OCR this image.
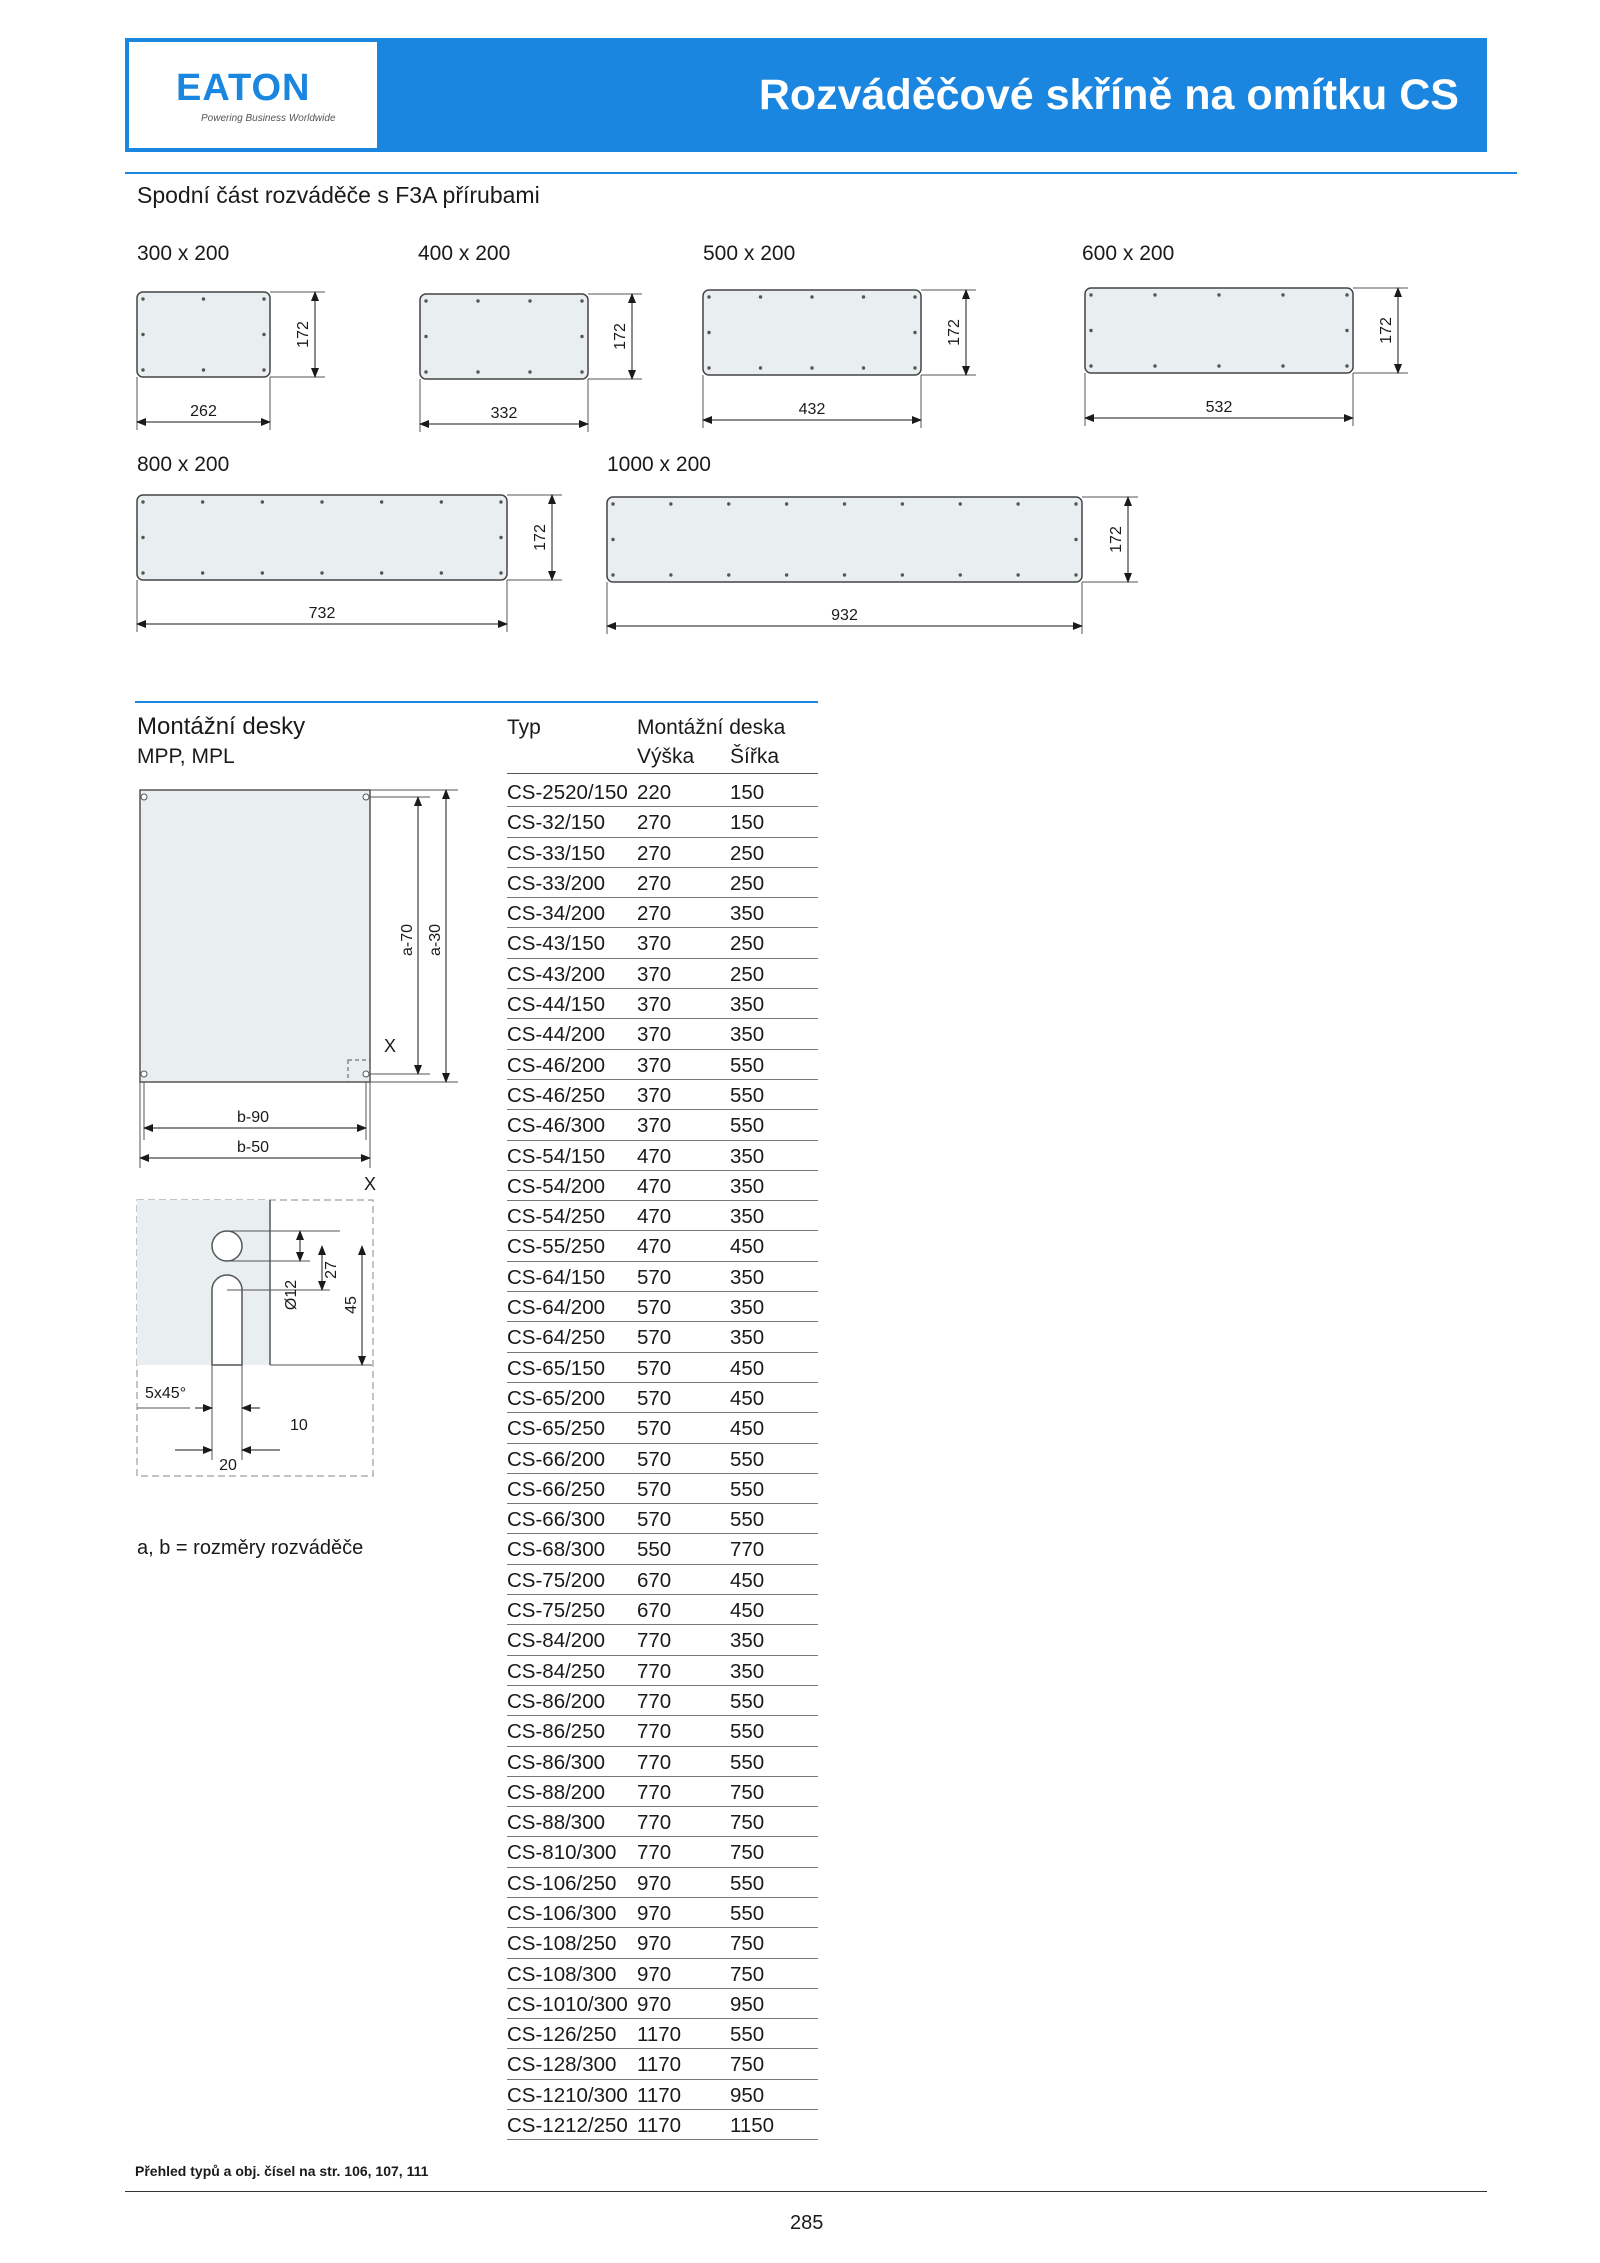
EATON
Powering Business Worldwide	Rozváděčové skříně na omítku CS
Spodní část rozváděče s F3A přírubami
300 x 200	400 x 200	500 x 200	600 x 200
800 x 200	1000 x 200
172
262
172
332
172
432
172
532
172
732
172
932
Montážní desky
MPP, MPL
a-70 a-30
X
b-90
b-50
X
Ø12
27
45
5x45°
10
20
a, b = rozměry rozváděče
Typ	Montážní deska
Výška Šířka
CS-2520/150 220	150
CS-32/150 270	150
CS-33/150 270	250
CS-33/200 270	250
CS-34/200 270	350
CS-43/150 370	250
CS-43/200 370	250
CS-44/150 370	350
CS-44/200 370	350
CS-46/200 370	550
CS-46/250 370	550
CS-46/300 370	550
CS-54/150 470	350
CS-54/200 470	350
CS-54/250 470	350
CS-55/250 470	450
CS-64/150 570	350
CS-64/200 570	350
CS-64/250 570	350
CS-65/150 570	450
CS-65/200 570	450
CS-65/250 570	450
CS-66/200 570	550
CS-66/250 570	550
CS-66/300 570	550
CS-68/300 550	770
CS-75/200 670	450
CS-75/250 670	450
CS-84/200 770	350
CS-84/250 770	350
CS-86/200 770	550
CS-86/250 770	550
CS-86/300 770	550
CS-88/200 770	750
CS-88/300 770	750
CS-810/300 770	750
CS-106/250 970	550
CS-106/300 970	550
CS-108/250 970	750
CS-108/300 970	750
CS-1010/300 970	950
CS-126/250 1170 550
CS-128/300 1170 750
CS-1210/300 1170 950
CS-1212/250 1170 1150
Přehled typů a obj. čísel na str. 106, 107, 111
285
